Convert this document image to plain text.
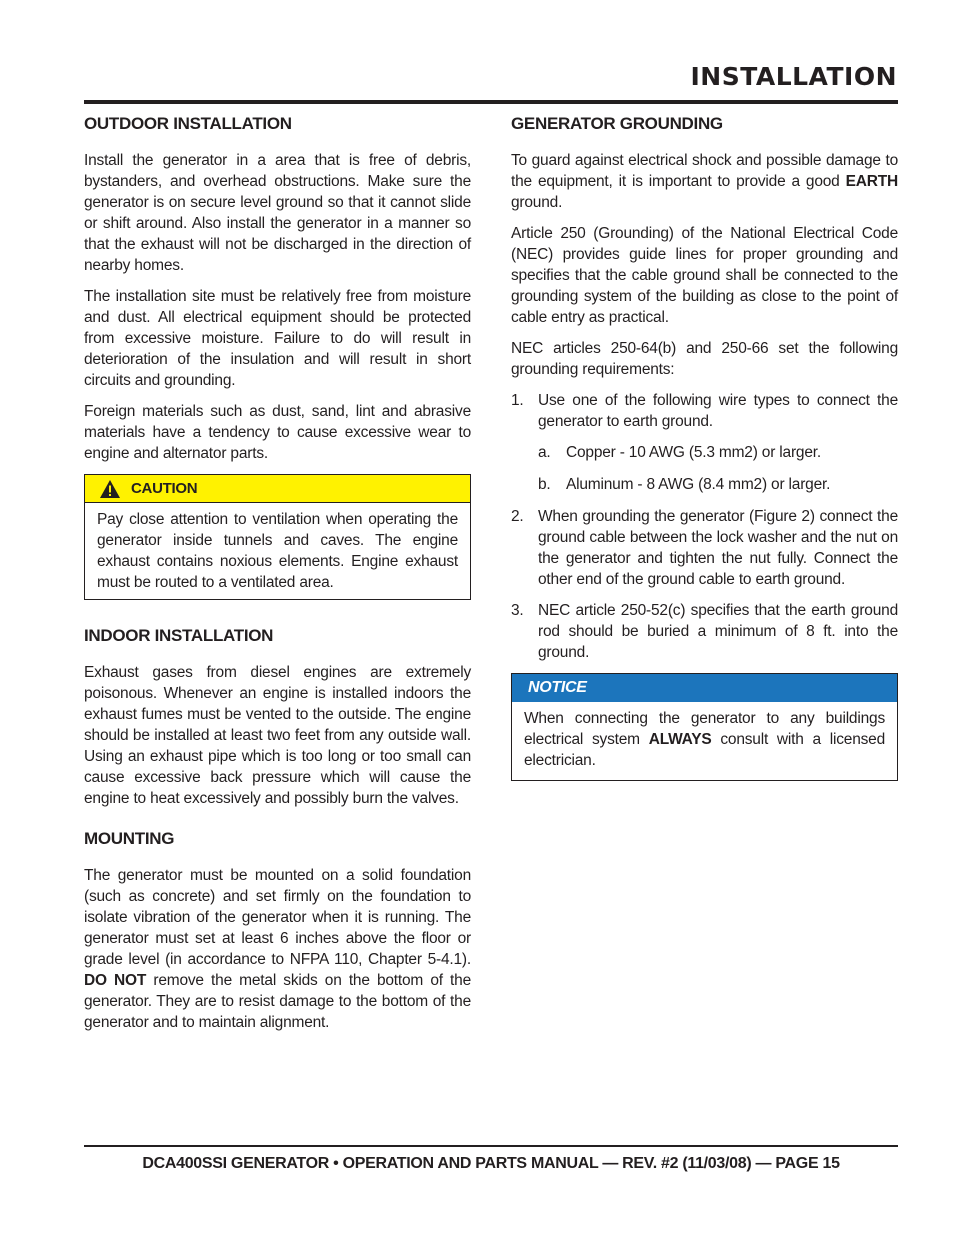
INSTALLATION
OUTDOOR INSTALLATION

Install the generator in a area that is free of debris, bystanders, and overhead obstructions. Make sure the generator is on secure level ground so that it cannot slide or shift around. Also install the generator in a manner so that the exhaust will not be discharged in the direction of nearby homes.

The installation site must be relatively free from moisture and dust. All electrical equipment should be protected from excessive moisture. Failure to do will result in deterioration of the insulation and will result in short circuits and grounding.

Foreign materials such as dust, sand, lint and abrasive materials have a tendency to cause excessive wear to engine and alternator parts.

CAUTION

Pay close attention to ventilation when operating the generator inside tunnels and caves. The engine exhaust contains noxious elements. Engine exhaust must be routed to a ventilated area.

INDOOR INSTALLATION

Exhaust gases from diesel engines are extremely poisonous. Whenever an engine is installed indoors the exhaust fumes must be vented to the outside. The engine should be installed at least two feet from any outside wall. Using an exhaust pipe which is too long or too small can cause excessive back pressure which will cause the engine to heat excessively and possibly burn the valves.

MOUNTING

The generator must be mounted on a solid foundation (such as concrete) and set firmly on the foundation to isolate vibration of the generator when it is running. The generator must set at least 6 inches above the floor or grade level (in accordance to NFPA 110, Chapter 5-4.1). DO NOT remove the metal skids on the bottom of the generator. They are to resist damage to the bottom of the generator and to maintain alignment.

GENERATOR GROUNDING

To guard against electrical shock and possible damage to the equipment, it is important to provide a good EARTH ground.

Article 250 (Grounding) of the National Electrical Code (NEC) provides guide lines for proper grounding and specifies that the cable ground shall be connected to the grounding system of the building as close to the point of cable entry as practical.

NEC articles 250-64(b) and 250-66 set the following grounding requirements:

1. Use one of the following wire types to connect the generator to earth ground.
a. Copper - 10 AWG (5.3 mm2) or larger.
b. Aluminum - 8 AWG (8.4 mm2) or larger.
2. When grounding the generator (Figure 2) connect the ground cable between the lock washer and the nut on the generator and tighten the nut fully. Connect the other end of the ground cable to earth ground.
3. NEC article 250-52(c) specifies that the earth ground rod should be buried a minimum of 8 ft. into the ground.
NOTICE

When connecting the generator to any buildings electrical system ALWAYS consult with a licensed electrician.

DCA400SSI GENERATOR • OPERATION AND PARTS MANUAL — REV. #2 (11/03/08) — PAGE 15
